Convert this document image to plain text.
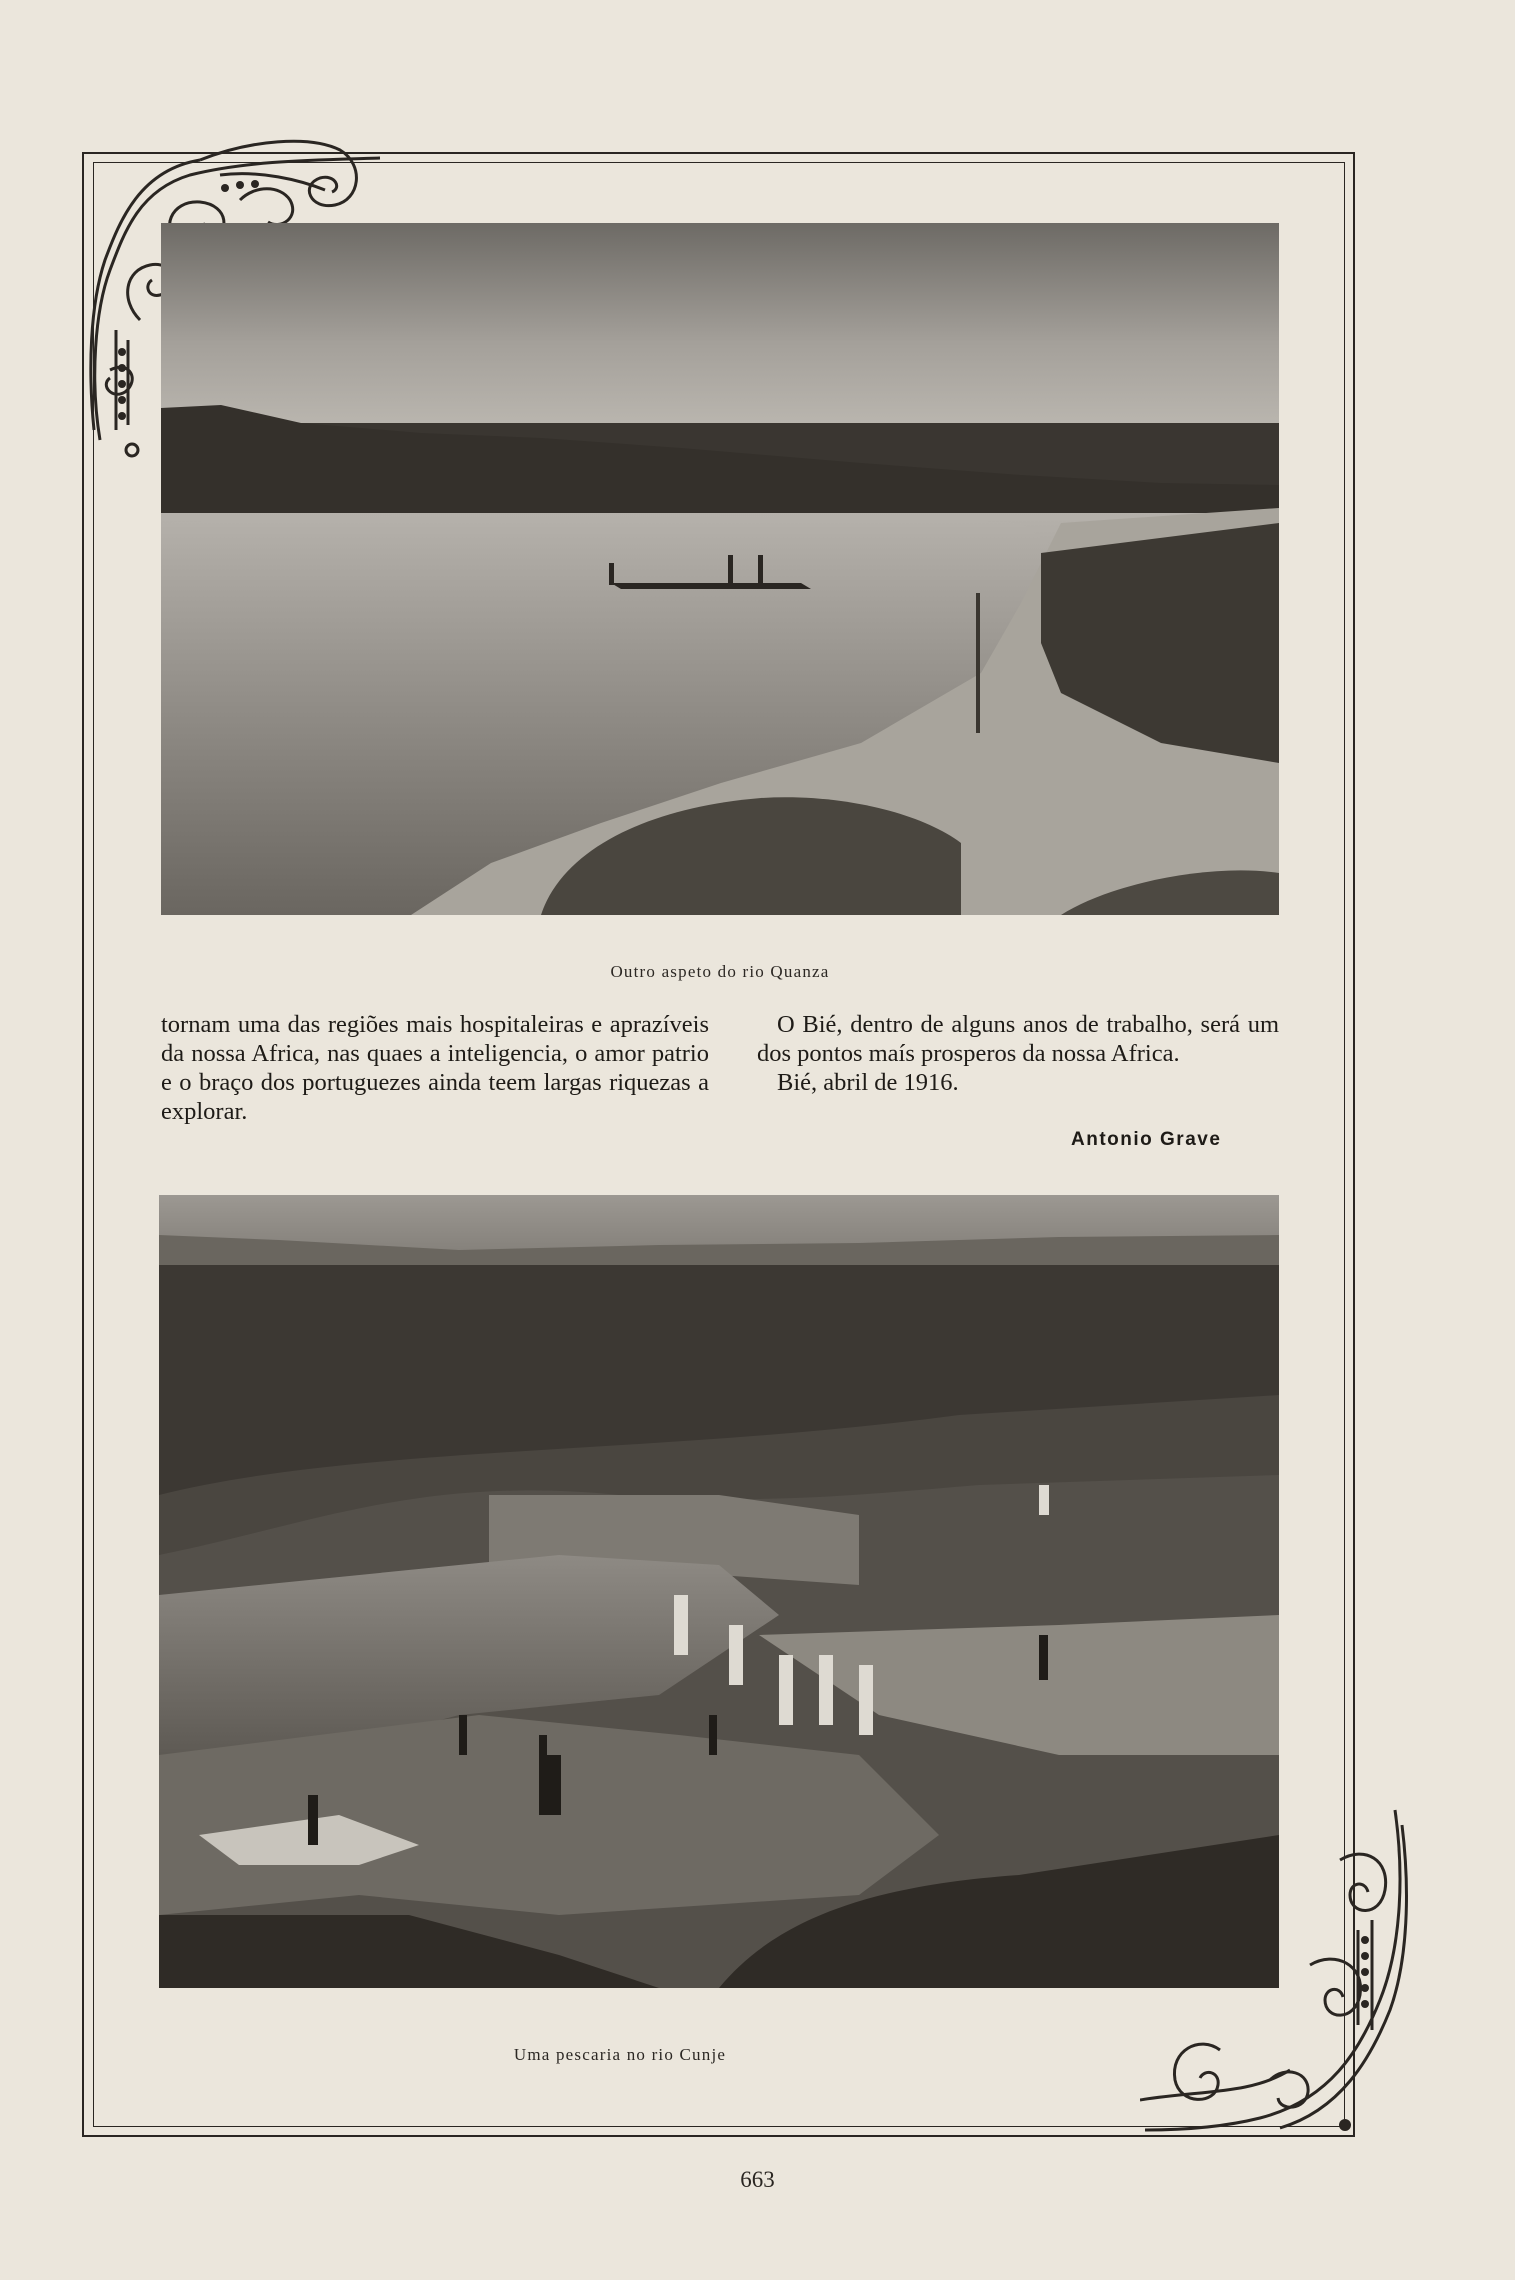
Outro aspeto do rio Quanza

tornam uma das regiões mais hospitaleiras e aprazíveis da nossa Africa, nas quaes a inteligencia, o amor patrio e o braço dos portuguezes ainda teem largas riquezas a explorar.

O Bié, dentro de alguns anos de trabalho, será um dos pontos maís prosperos da nossa Africa.

Bié, abril de 1916.

Antonio Grave
Uma pescaria no rio Cunje
663
